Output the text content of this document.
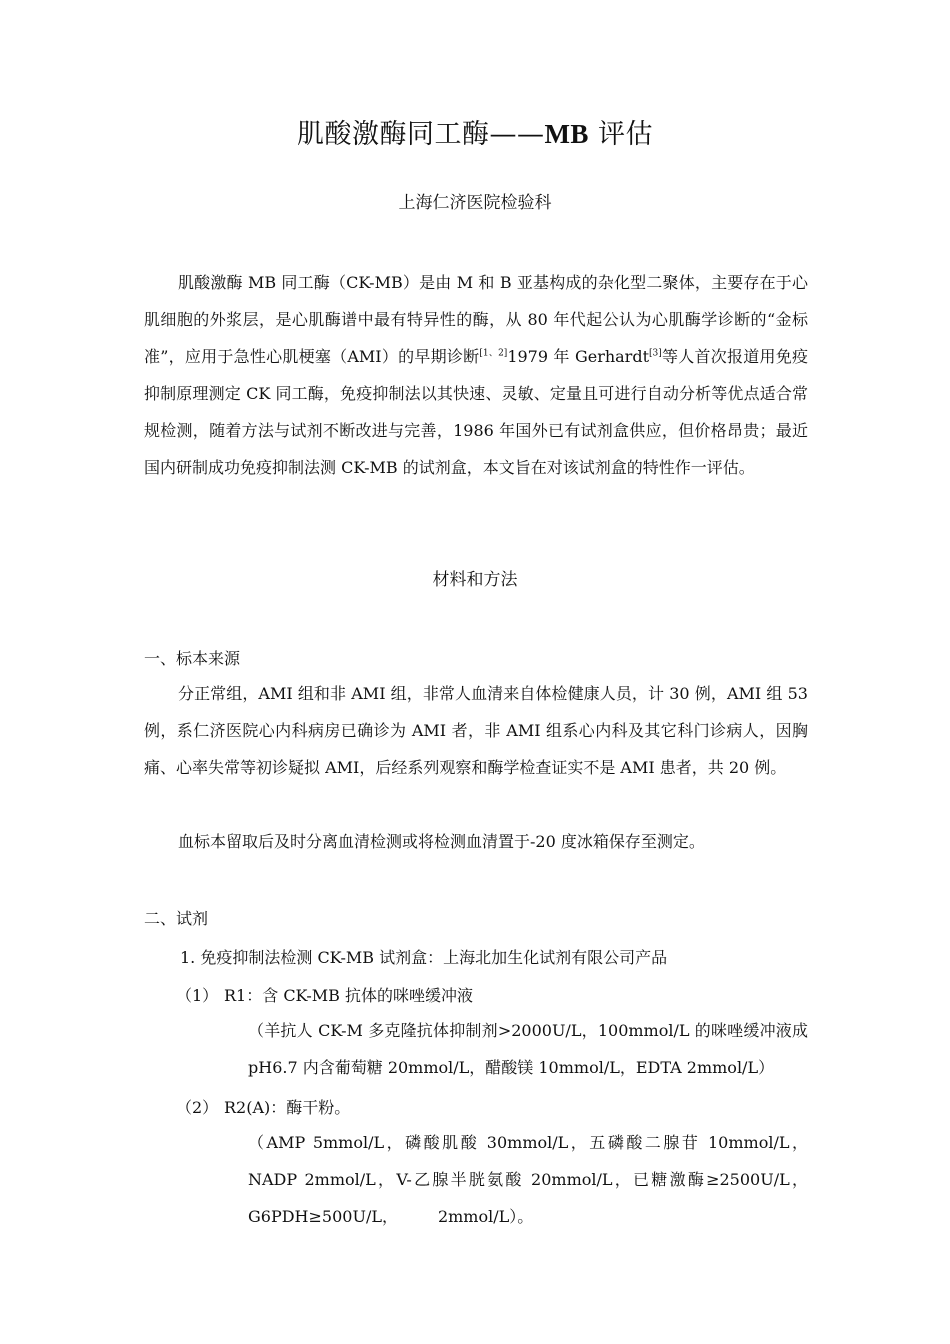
肌酸激酶同工酶——MB 评估
上海仁济医院检验科
肌酸激酶 MB 同工酶（CK-MB）是由 M 和 B 亚基构成的杂化型二聚体，主要存在于心肌细胞的外浆层，是心肌酶谱中最有特异性的酶，从 80 年代起公认为心肌酶学诊断的“金标准”，应用于急性心肌梗塞（AMI）的早期诊断[1、2]1979 年 Gerhardt[3]等人首次报道用免疫抑制原理测定 CK 同工酶，免疫抑制法以其快速、灵敏、定量且可进行自动分析等优点适合常规检测，随着方法与试剂不断改进与完善，1986 年国外已有试剂盒供应，但价格昂贵；最近国内研制成功免疫抑制法测 CK-MB 的试剂盒，本文旨在对该试剂盒的特性作一评估。
材料和方法
一、标本来源
分正常组，AMI 组和非 AMI 组，非常人血清来自体检健康人员，计 30 例，AMI 组 53 例，系仁济医院心内科病房已确诊为 AMI 者，非 AMI 组系心内科及其它科门诊病人，因胸痛、心率失常等初诊疑拟 AMI，后经系列观察和酶学检查证实不是 AMI 患者，共 20 例。
血标本留取后及时分离血清检测或将检测血清置于-20 度冰箱保存至测定。
二、试剂
1. 免疫抑制法检测 CK-MB 试剂盒：上海北加生化试剂有限公司产品
（1） R1：含 CK-MB 抗体的咪唑缓冲液
（羊抗人 CK-M 多克隆抗体抑制剂>2000U/L，100mmol/L 的咪唑缓冲液成 pH6.7 内含葡萄糖 20mmol/L，醋酸镁 10mmol/L，EDTA 2mmol/L）
（2） R2(A)：酶干粉。
（AMP 5mmol/L，磷酸肌酸 30mmol/L，五磷酸二腺苷 10mmol/L，NADP 2mmol/L，V-乙腺半胱氨酸 20mmol/L，已糖激酶≥2500U/L，G6PDH≥500U/L，　　　2mmol/L）。
